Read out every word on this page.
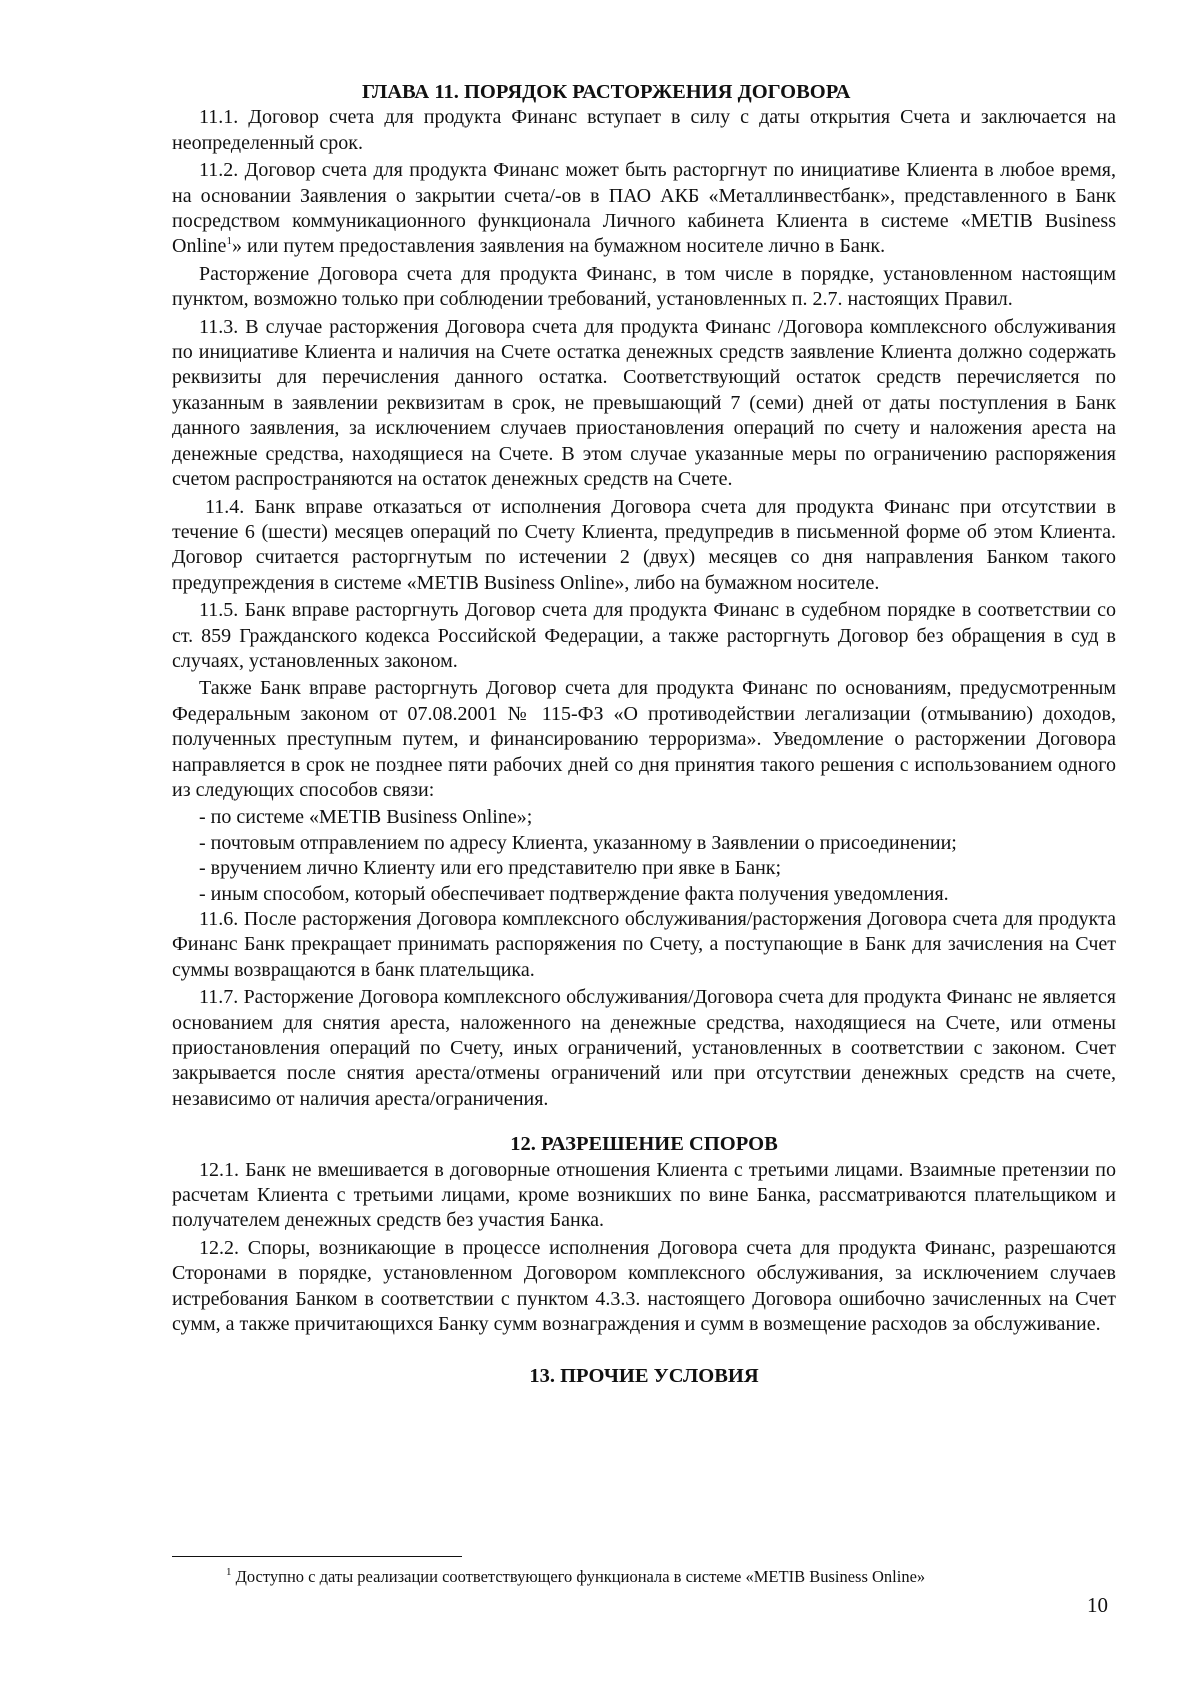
ГЛАВА 11. ПОРЯДОК РАСТОРЖЕНИЯ ДОГОВОРА

11.1. Договор счета для продукта Финанс вступает в силу с даты открытия Счета и заключается на неопределенный срок.

11.2. Договор счета для продукта Финанс может быть расторгнут по инициативе Клиента в любое время, на основании Заявления о закрытии счета/-ов в ПАО АКБ «Металлинвестбанк», представленного в Банк посредством коммуникационного функционала Личного кабинета Клиента в системе «METIB Business Online$^1$» или путем предоставления заявления на бумажном носителе лично в Банк.

Расторжение Договора счета для продукта Финанс, в том числе в порядке, установленном настоящим пунктом, возможно только при соблюдении требований, установленных п. 2.7. настоящих Правил.

11.3. В случае расторжения Договора счета для продукта Финанс /Договора комплексного обслуживания по инициативе Клиента и наличия на Счете остатка денежных средств заявление Клиента должно содержать реквизиты для перечисления данного остатка. Соответствующий остаток средств перечисляется по указанным в заявлении реквизитам в срок, не превышающий 7 (семи) дней от даты поступления в Банк данного заявления, за исключением случаев приостановления операций по счету и наложения ареста на денежные средства, находящиеся на Счете. В этом случае указанные меры по ограничению распоряжения счетом распространяются на остаток денежных средств на Счете.

11.4. Банк вправе отказаться от исполнения Договора счета для продукта Финанс при отсутствии в течение 6 (шести) месяцев операций по Счету Клиента, предупредив в письменной форме об этом Клиента. Договор считается расторгнутым по истечении 2 (двух) месяцев со дня направления Банком такого предупреждения в системе «METIB Business Online», либо на бумажном носителе.

11.5. Банк вправе расторгнуть Договор счета для продукта Финанс в судебном порядке в соответствии со ст. 859 Гражданского кодекса Российской Федерации, а также расторгнуть Договор без обращения в суд в случаях, установленных законом.

Также Банк вправе расторгнуть Договор счета для продукта Финанс по основаниям, предусмотренным Федеральным законом от 07.08.2001 № 115-ФЗ «О противодействии легализации (отмыванию) доходов, полученных преступным путем, и финансированию терроризма». Уведомление о расторжении Договора направляется в срок не позднее пяти рабочих дней со дня принятия такого решения с использованием одного из следующих способов связи:

- по системе «METIB Business Online»;

- почтовым отправлением по адресу Клиента, указанному в Заявлении о присоединении;

- вручением лично Клиенту или его представителю при явке в Банк;

- иным способом, который обеспечивает подтверждение факта получения уведомления.

11.6. После расторжения Договора комплексного обслуживания/расторжения Договора счета для продукта Финанс Банк прекращает принимать распоряжения по Счету, а поступающие в Банк для зачисления на Счет суммы возвращаются в банк плательщика.

11.7. Расторжение Договора комплексного обслуживания/Договора счета для продукта Финанс не является основанием для снятия ареста, наложенного на денежные средства, находящиеся на Счете, или отмены приостановления операций по Счету, иных ограничений, установленных в соответствии с законом. Счет закрывается после снятия ареста/отмены ограничений или при отсутствии денежных средств на счете, независимо от наличия ареста/ограничения.

12. РАЗРЕШЕНИЕ СПОРОВ

12.1. Банк не вмешивается в договорные отношения Клиента с третьими лицами. Взаимные претензии по расчетам Клиента с третьими лицами, кроме возникших по вине Банка, рассматриваются плательщиком и получателем денежных средств без участия Банка.

12.2. Споры, возникающие в процессе исполнения Договора счета для продукта Финанс, разрешаются Сторонами в порядке, установленном Договором комплексного обслуживания, за исключением случаев истребования Банком в соответствии с пунктом 4.3.3. настоящего Договора ошибочно зачисленных на Счет сумм, а также причитающихся Банку сумм вознаграждения и сумм в возмещение расходов за обслуживание.

13. ПРОЧИЕ УСЛОВИЯ

$^1$ Доступно с даты реализации соответствующего функционала в системе «METIB Business Online»
10
